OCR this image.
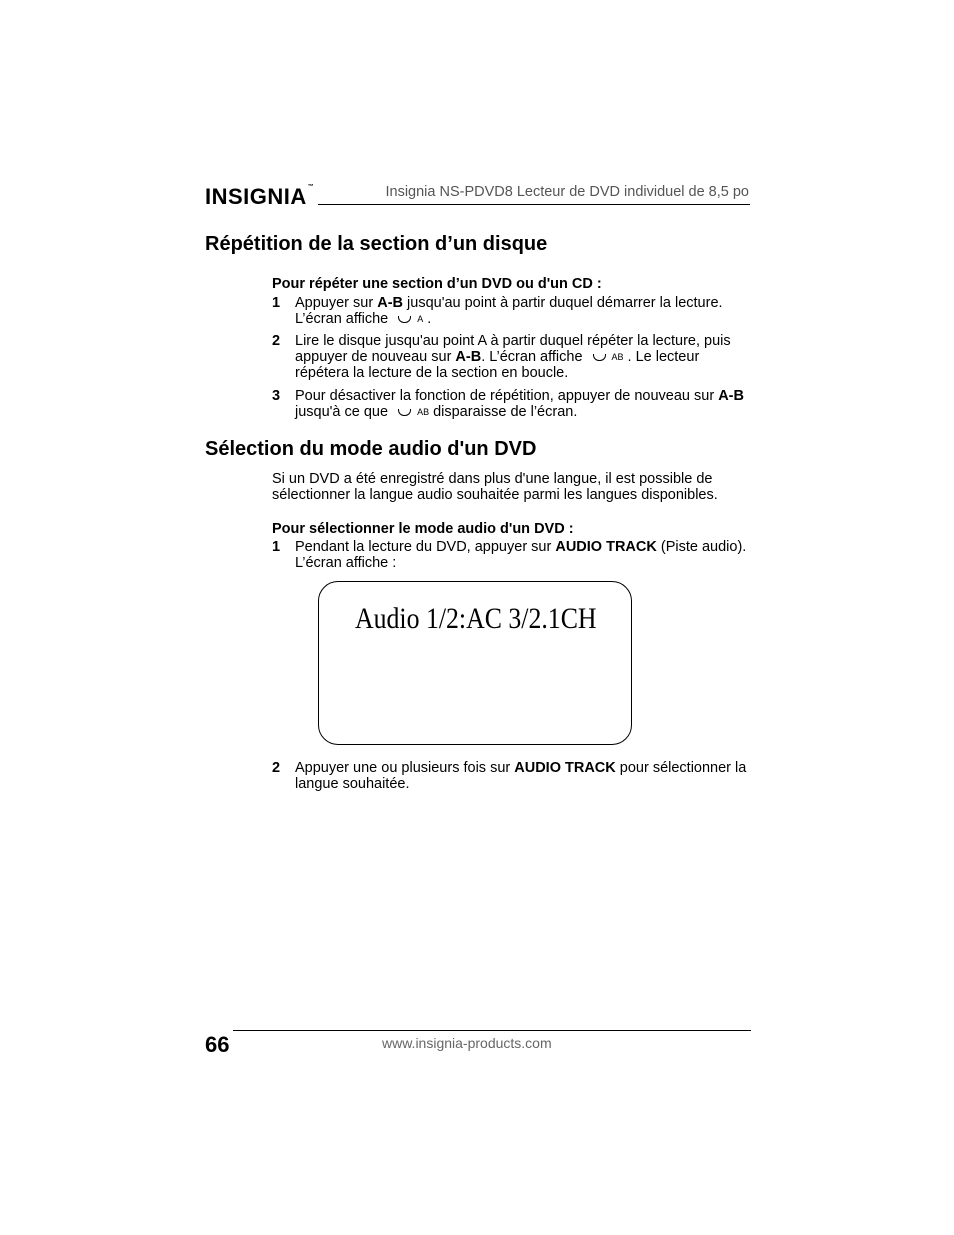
INSIGNIA™	Insignia NS-PDVD8 Lecteur de DVD individuel de 8,5 po
Répétition de la section d’un disque

Pour répéter une section d’un DVD ou d'un CD :

1 Appuyer sur A-B jusqu'au point à partir duquel démarrer la lecture. L’écran affiche	A .
2 Lire le disque jusqu'au point A à partir duquel répéter la lecture, puis appuyer de nouveau sur A-B. L’écran affiche	AB . Le lecteur répétera la lecture de la section en boucle.
3 Pour désactiver la fonction de répétition, appuyer de nouveau sur A-B jusqu'à ce que	AB disparaisse de l’écran.
Sélection du mode audio d'un DVD

Si un DVD a été enregistré dans plus d'une langue, il est possible de sélectionner la langue audio souhaitée parmi les langues disponibles.

Pour sélectionner le mode audio d'un DVD :

1 Pendant la lecture du DVD, appuyer sur AUDIO TRACK (Piste audio). L’écran affiche :
Audio 1/2:AC 3/2.1CH
2 Appuyer une ou plusieurs fois sur AUDIO TRACK pour sélectionner la langue souhaitée.
66	www.insignia-products.com
